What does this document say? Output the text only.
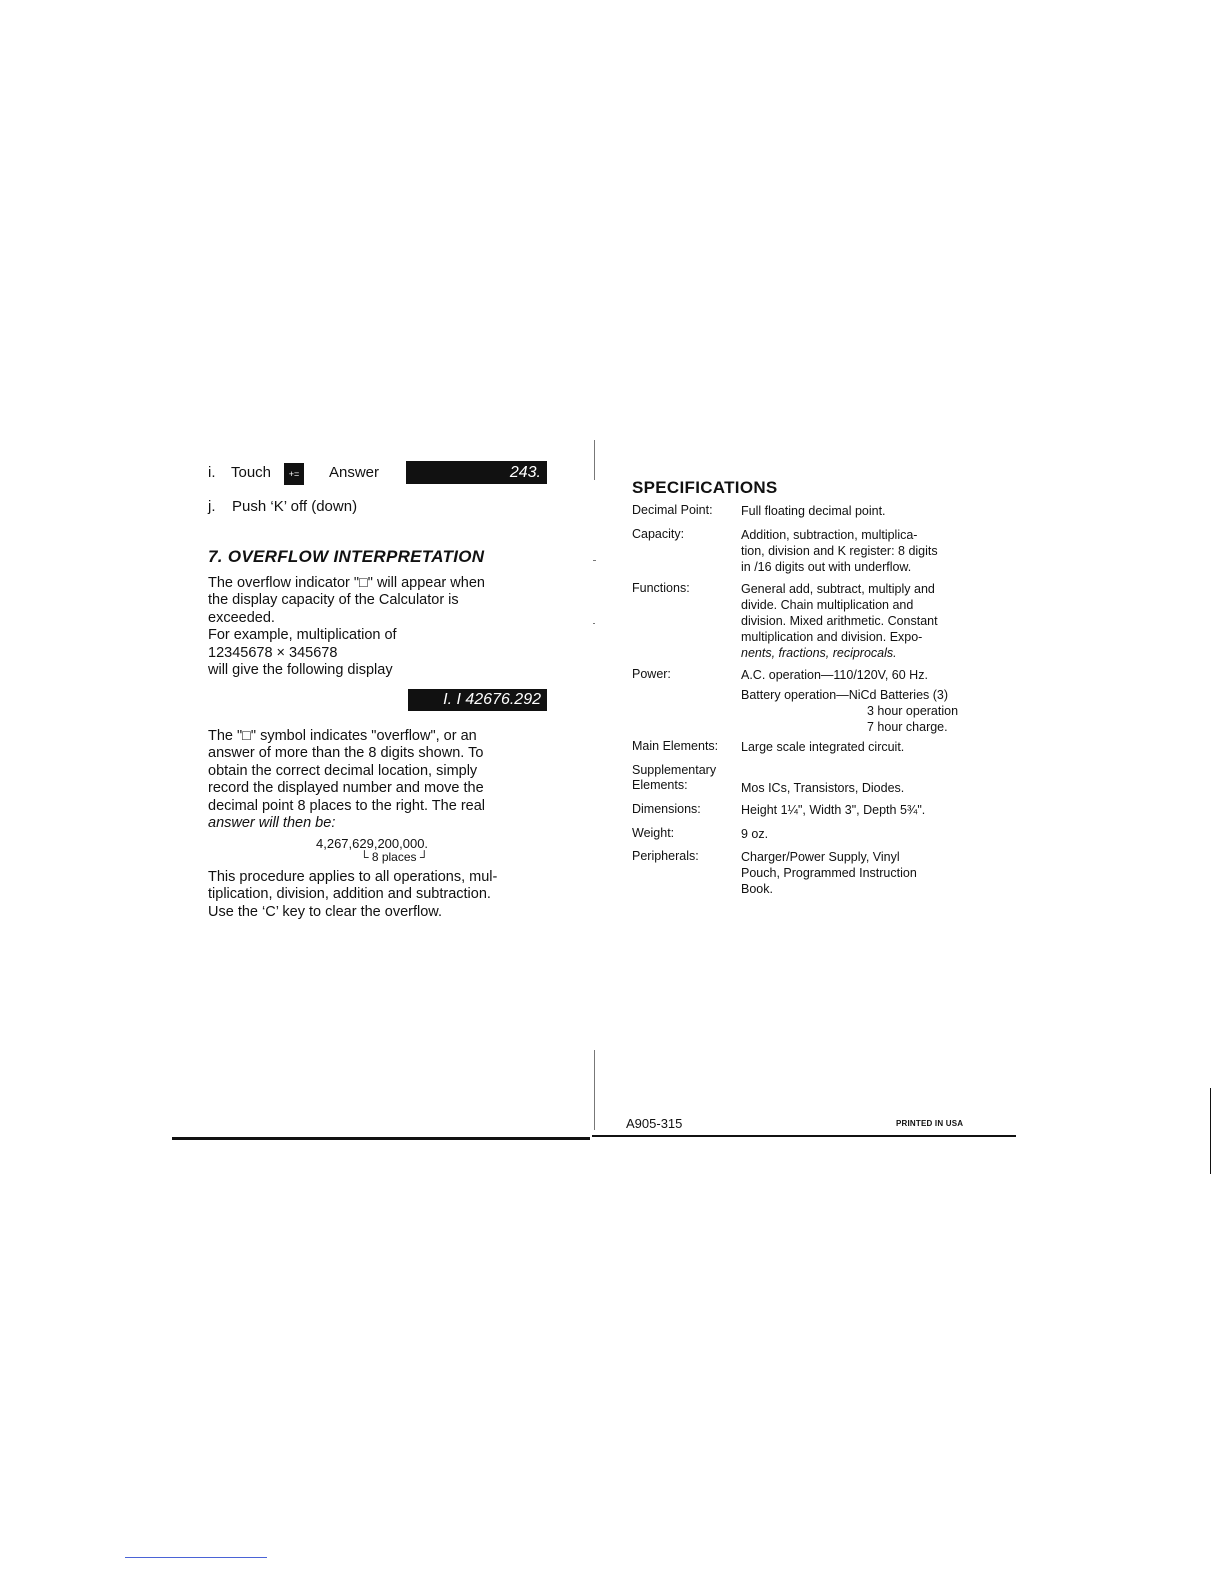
i. Touch	+=	Answer	243.
j. Push ‘K’ off (down)
7. OVERFLOW INTERPRETATION
The overflow indicator "□" will appear when
the display capacity of the Calculator is
exceeded.
For example, multiplication of
12345678 × 345678
will give the following display
I. I 42676.292
The "□" symbol indicates "overflow", or an
answer of more than the 8 digits shown. To
obtain the correct decimal location, simply
record the displayed number and move the
decimal point 8 places to the right. The real
answer will then be:
4,267,629,200,000.
└ 8 places ┘
This procedure applies to all operations, mul-
tiplication, division, addition and subtraction.
Use the ‘C’ key to clear the overflow.
SPECIFICATIONS
Decimal Point: Full floating decimal point.
Capacity:	Addition, subtraction, multiplica-
tion, division and K register: 8 digits
in /16 digits out with underflow.
Functions:	General add, subtract, multiply and
divide. Chain multiplication and
division. Mixed arithmetic. Constant
multiplication and division. Expo-
nents, fractions, reciprocals.
Power:	A.C. operation—110/120V, 60 Hz.
Battery operation—NiCd Batteries (3)
3 hour operation
7 hour charge.
Main Elements: Large scale integrated circuit.
Supplementary Elements:	Mos ICs, Transistors, Diodes.
Dimensions:	Height 1¼", Width 3", Depth 5¾".
Weight:	9 oz.
Peripherals:	Charger/Power Supply, Vinyl
Pouch, Programmed Instruction
Book.
A905-315	PRINTED IN USA
